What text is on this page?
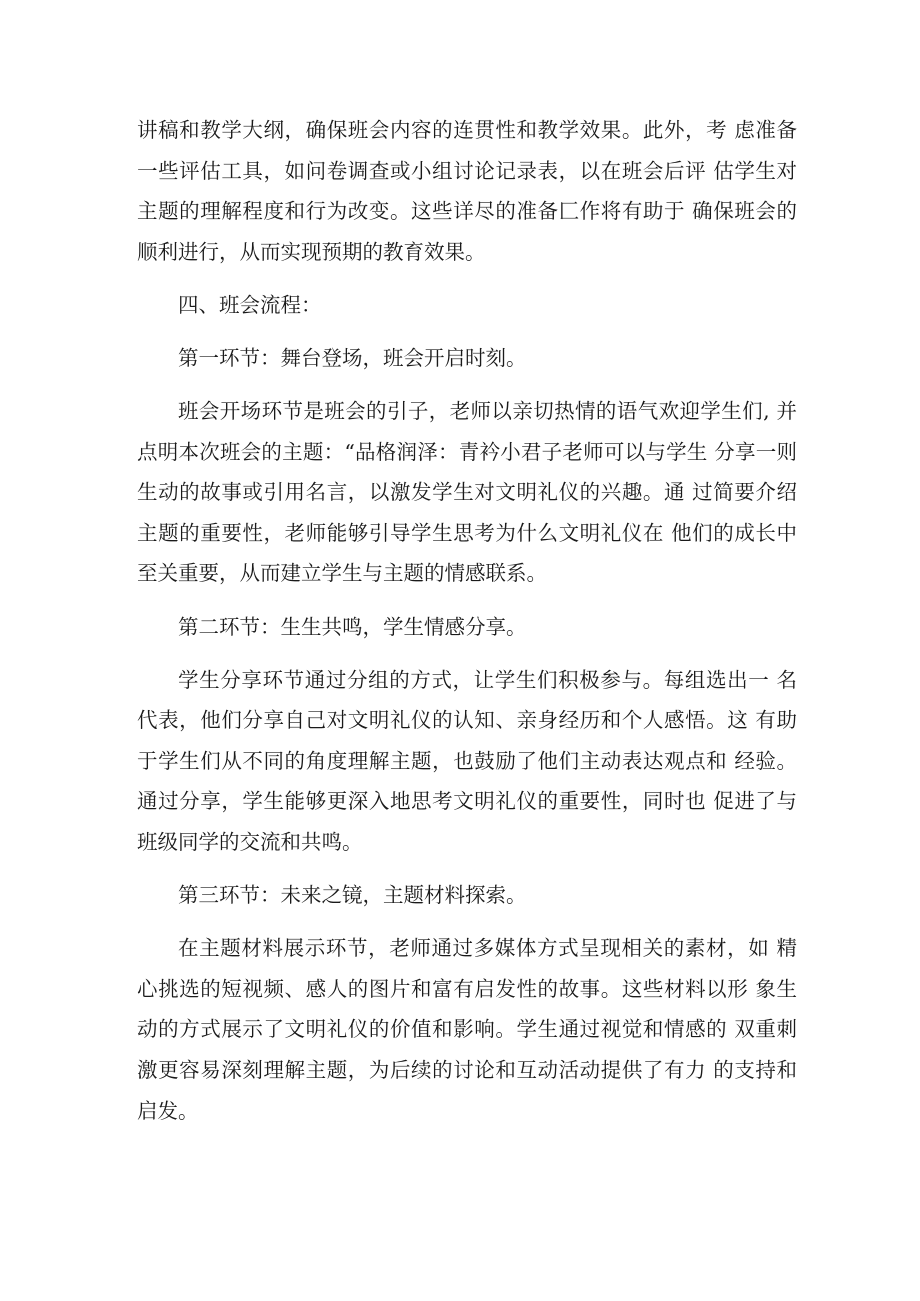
讲稿和教学大纲，确保班会内容的连贯性和教学效果。此外，考 虑准备一些评估工具，如问卷调查或小组讨论记录表，以在班会后评 估学生对主题的理解程度和行为改变。这些详尽的准备匚作将有助于 确保班会的顺利进行，从而实现预期的教育效果。

四、班会流程：

第一环节：舞台登场，班会开启时刻。

班会开场环节是班会的引子，老师以亲切热情的语气欢迎学生们, 并点明本次班会的主题：“品格润泽：青衿小君子老师可以与学生 分享一则生动的故事或引用名言，以激发学生对文明礼仪的兴趣。通 过简要介绍主题的重要性，老师能够引导学生思考为什么文明礼仪在 他们的成长中至关重要，从而建立学生与主题的情感联系。

第二环节：生生共鸣，学生情感分享。

学生分享环节通过分组的方式，让学生们积极参与。每组选出一 名代表，他们分享自己对文明礼仪的认知、亲身经历和个人感悟。这 有助于学生们从不同的角度理解主题，也鼓励了他们主动表达观点和 经验。通过分享，学生能够更深入地思考文明礼仪的重要性，同时也 促进了与班级同学的交流和共鸣。

第三环节：未来之镜，主题材料探索。

在主题材料展示环节，老师通过多媒体方式呈现相关的素材，如 精心挑选的短视频、感人的图片和富有启发性的故事。这些材料以形 象生动的方式展示了文明礼仪的价值和影响。学生通过视觉和情感的 双重刺激更容易深刻理解主题，为后续的讨论和互动活动提供了有力 的支持和启发。
